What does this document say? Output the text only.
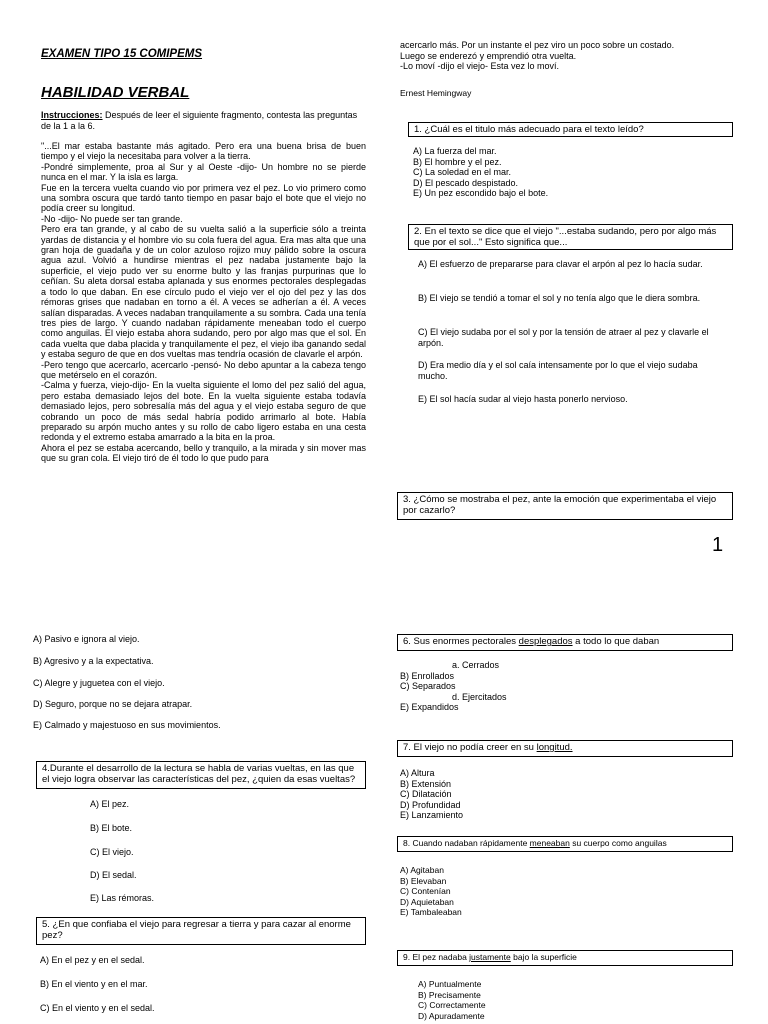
EXAMEN TIPO 15 COMIPEMS
HABILIDAD VERBAL
Instrucciones: Después de leer el siguiente fragmento, contesta las preguntas de la 1 a la 6.

"...El mar estaba bastante más agitado. Pero era una buena brisa de buen tiempo y el viejo la necesitaba para volver a la tierra.

-Pondré simplemente, proa al Sur y al Oeste -dijo- Un hombre no se pierde nunca en el mar. Y la isla es larga.

Fue en la tercera vuelta cuando vio por primera vez el pez. Lo vio primero como una sombra oscura que tardó tanto tiempo en pasar bajo el bote que el viejo no podía creer su longitud.

-No -dijo- No puede ser tan grande.

Pero era tan grande, y al cabo de su vuelta salió a la superficie sólo a treinta yardas de distancia y el hombre vio su cola fuera del agua. Era mas alta que una gran hoja de guadaña y de un color azuloso rojizo muy pálido sobre la oscura agua azul. Volvió a hundirse mientras el pez nadaba justamente bajo la superficie, el viejo pudo ver su enorme bulto y las franjas purpurinas que lo ceñían. Su aleta dorsal estaba aplanada y sus enormes pectorales desplegadas a todo lo que daban. En ese círculo pudo el viejo ver el ojo del pez y las dos rémoras grises que nadaban en torno a él. A veces se adherían a él. A veces salían disparadas. A veces nadaban tranquilamente a su sombra. Cada una tenía tres pies de largo. Y cuando nadaban rápidamente meneaban todo el cuerpo como anguilas. El viejo estaba ahora sudando, pero por algo mas que el sol. En cada vuelta que daba placida y tranquilamente el pez, el viejo iba ganando sedal y estaba seguro de que en dos vueltas mas tendría ocasión de clavarle el arpón.

-Pero tengo que acercarlo, acercarlo -pensó- No debo apuntar a la cabeza tengo que metérselo en el corazón.

-Calma y fuerza, viejo-dijo- En la vuelta siguiente el lomo del pez salió del agua, pero estaba demasiado lejos del bote. En la vuelta siguiente estaba todavía demasiado lejos, pero sobresalía más del agua y el viejo estaba seguro de que cobrando un poco de más sedal habría podido arrimarlo al bote. Había preparado su arpón mucho antes y su rollo de cabo ligero estaba en una cesta redonda y el extremo estaba amarrado a la bita en la proa.

Ahora el pez se estaba acercando, bello y tranquilo, a la mirada y sin mover mas que su gran cola. El viejo tiró de él todo lo que pudo para

acercarlo más. Por un instante el pez viro un poco sobre un costado.
Luego se enderezó y emprendió otra vuelta.
-Lo moví -dijo el viejo- Esta vez lo moví.
Ernest Hemingway
1. ¿Cuál es el titulo más adecuado para el texto leído?
A) La fuerza del mar.
B) El hombre y el pez.
C) La soledad en el mar.
D) El pescado despistado.
E) Un pez escondido bajo el bote.
2. En el texto se dice que el viejo "...estaba sudando, pero por algo más que por el sol..." Esto significa que...
A) El esfuerzo de prepararse para clavar el arpón al pez lo hacía sudar.
B) El viejo se tendió a tomar el sol y no tenía algo que le diera sombra.
C) El viejo sudaba por el sol y por la tensión de atraer al pez y clavarle el arpón.
D) Era medio día y el sol caía intensamente por lo que el viejo sudaba mucho.
E) El sol hacía sudar al viejo hasta ponerlo nervioso.
3. ¿Cómo se mostraba el pez, ante la emoción que experimentaba el viejo por cazarlo?
1
A) Pasivo e ignora al viejo.
B) Agresivo y a la expectativa.
C) Alegre y juguetea con el viejo.
D) Seguro, porque no se dejara atrapar.
E) Calmado y majestuoso en sus movimientos.
4.Durante el desarrollo de la lectura se habla de varias vueltas, en las que el viejo logra observar las características del pez, ¿quien da esas vueltas?
A) El pez.
B) El bote.
C) El viejo.
D) El sedal.
E) Las rémoras.
5. ¿En que confiaba el viejo para regresar a tierra y para cazar al enorme pez?
A) En el pez y en el sedal.
B) En el viento y en el mar.
C) En el viento y en el sedal.
6. Sus enormes pectorales desplegados a todo lo que daban
a. Cerrados
B) Enrollados
C) Separados
d. Ejercitados
E) Expandidos
7. El viejo no podía creer en su longitud.
A) Altura
B) Extensión
C) Dilatación
D) Profundidad
E) Lanzamiento
8. Cuando nadaban rápidamente meneaban su cuerpo como anguilas
A) Agitaban
B) Elevaban
C) Contenían
D) Aquietaban
E) Tambaleaban
9. El pez nadaba justamente bajo la superficie
A) Puntualmente
B) Precisamente
C) Correctamente
D) Apuradamente
